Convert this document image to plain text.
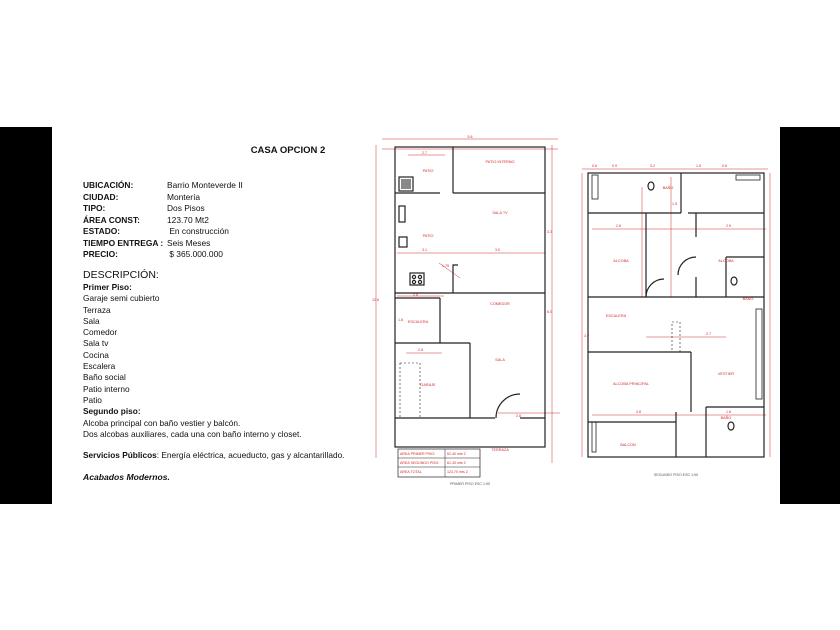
CASA OPCION 2
UBICACIÓN:	Barrio Monteverde II
CIUDAD:	Montería
TIPO:	Dos Pisos
ÁREA CONST:	123.70 Mt2
ESTADO:	En construcción
TIEMPO ENTREGA : Seis Meses
PRECIO:	$ 365.000.000
DESCRIPCIÓN:
Primer Piso:
Garaje semi cubierto
Terraza
Sala
Comedor
Sala tv
Cocina
Escalera
Baño social
Patio interno
Patio
Segundo piso:
Alcoba principal con baño vestier y balcón.
Dos alcobas auxiliares, cada una con baño interno y closet.
Servicios Públicos: Energía eléctrica, acueducto, gas y alcantarillado.
Acabados Modernos.
5.8
10.6
2.7
2.8
3.1	3.0
3.3
6.0
1.8
2.8
2.8
1.75
PATIO
PATIO INTERNO
SALA TV
PATIO
COMEDOR
ESCALERA
SALA
GARAJE
TERRAZA
AREA PRIMER PISO:	62.40 mts 2
AREA SEGUNDO PISO: 61.30 mts 2
AREA TOTAL	123.70 mts 2
PRIMER PISO ESC 1:90
0.6	0.9	3.2	1.5	0.6
2.8	2.9
1.5
2.7
3.8	1.8
3.9
BAÑO
ALCOBA	ALCOBA
BAÑO
ESCALERA
ALCOBA PRINCIPAL
VESTIER
BAÑO
BALCON
SEGUNDO PISO ESC 1:90
